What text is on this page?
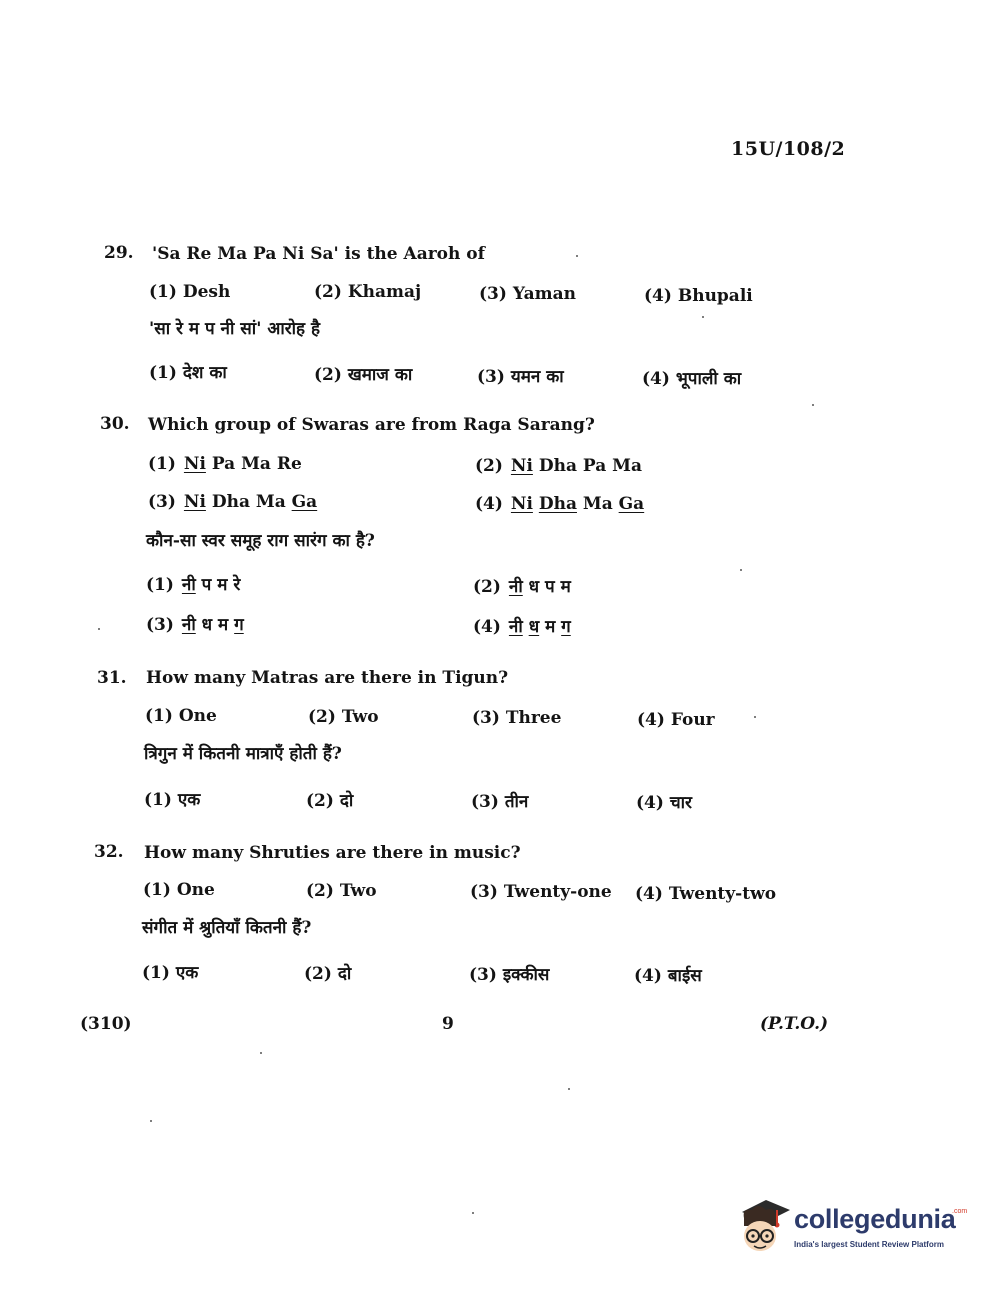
15U/108/2
29. 'Sa Re Ma Pa Ni Sa' is the Aaroh of
(1) Desh	(2) Khamaj	(3) Yaman	(4) Bhupali
'सा रे म प नी सां' आरोह है
(1) देश का	(2) खमाज का	(3) यमन का	(4) भूपाली का
30. Which group of Swaras are from Raga Sarang?
(1) Ni Pa Ma Re	(2) Ni Dha Pa Ma
(3) Ni Dha Ma Ga	(4) Ni Dha Ma Ga
कौन-सा स्वर समूह राग सारंग का है?
(1) नी प म रे	(2) नी ध प म
(3) नी ध म ग	(4) नी ध म ग
31. How many Matras are there in Tigun?
(1) One	(2) Two	(3) Three	(4) Four
त्रिगुन में कितनी मात्राएँ होती हैं?
(1) एक	(2) दो	(3) तीन	(4) चार
32. How many Shruties are there in music?
(1) One	(2) Two	(3) Twenty-one (4) Twenty-two
संगीत में श्रुतियाँ कितनी हैं?
(1) एक	(2) दो	(3) इक्कीस	(4) बाईस
(310)	9	(P.T.O.)
collegedunia
.com
India's largest Student Review Platform
